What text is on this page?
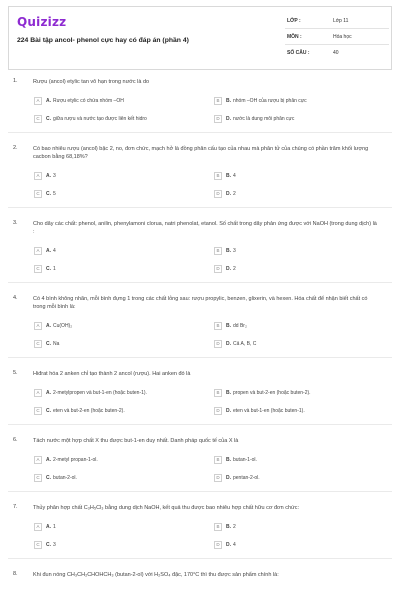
Quizizz
224 Bài tập ancol- phenol cực hay có đáp án (phần 4)
LỚP :	Lớp 11
MÔN :	Hóa học
SỐ CÂU :	40
1.	Rượu (ancol) etylic tan vô hạn trong nước là do
A	A. Rượu etylic có chứa nhóm –OH	B	B. nhóm –OH của rượu bị phân cực
C	C. giữa rượu và nước tạo được liên kết hidro	D	D. nước là dung môi phân cực
2.	Có bao nhiêu rượu (ancol) bậc 2, no, đơn chức, mạch hở là đồng phân cấu tạo của nhau mà phân tử của chúng có phần trăm khối lượng cacbon bằng 68,18%?
A	A. 3	B	B. 4
C	C. 5	D	D. 2
3.	Cho dãy các chất: phenol, anilin, phenylamoni clorua, natri phenolat, etanol. Số chất trong dãy phản ứng được với NaOH (trong dung dịch) là :
A	A. 4	B	B. 3
C	C. 1	D	D. 2
4.	Có 4 bình không nhãn, mỗi bình đựng 1 trong các chất lỏng sau: rượu propylic, benzen, glixerin, và hexen. Hóa chất để nhận biết chất có trong mỗi bình là:
A	A. Cu(OH)₂	B	B. dd Br₂
C	C. Na	D	D. Cả A, B, C
5.	Hiđrat hóa 2 anken chỉ tạo thành 2 ancol (rượu). Hai anken đó là
A	A. 2-metylpropen và but-1-en (hoặc buten-1).	B	B. propen và but-2-en (hoặc buten-2).
C	C. eten và but-2-en (hoặc buten-2).	D	D. eten và but-1-en (hoặc buten-1).
6.	Tách nước một hợp chất X thu được but-1-en duy nhất. Danh pháp quốc tế của X là
A	A. 2-metyl propan-1-ol.	B	B. butan-1-ol.
C	C. butan-2-ol.	D	D. pentan-2-ol.
7.	Thủy phân hợp chất C₃H₅Cl₃ bằng dung dịch NaOH, kết quả thu được bao nhiêu hợp chất hữu cơ đơn chức:
A	A. 1	B	B. 2
C	C. 3	D	D. 4
8.	Khi đun nóng CH₃CH₂CHOHCH₃ (butan-2-ol) với H₂SO₄ đặc, 170°C thì thu được sản phẩm chính là:
